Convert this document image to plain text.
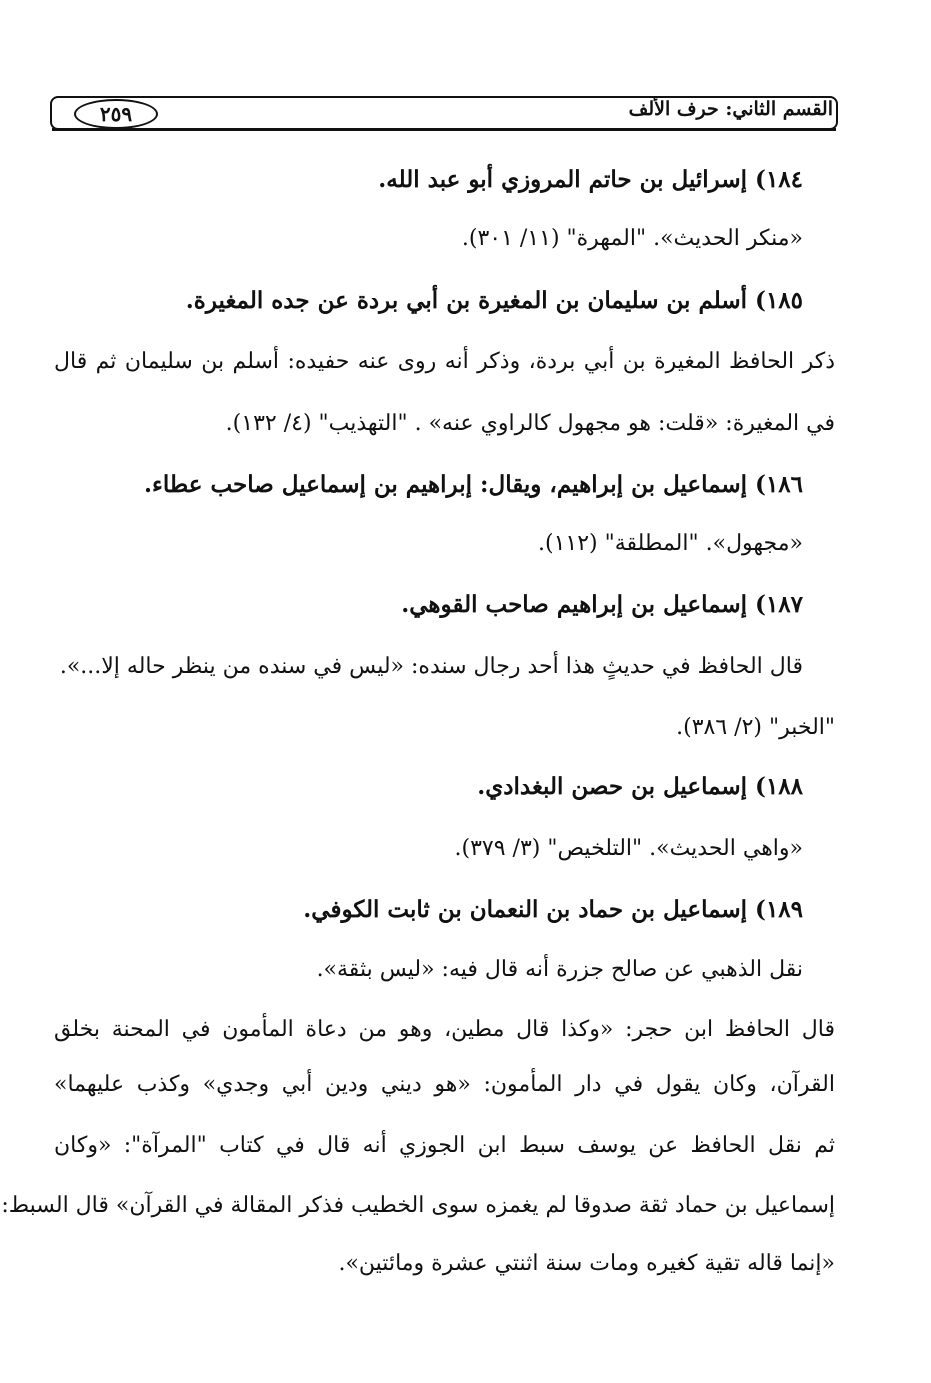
القسم الثاني: حرف الألف
٢٥٩
١٨٤) إسرائيل بن حاتم المروزي أبو عبد الله.
«منكر الحديث». "المهرة" (١١/ ٣٠١).
١٨٥) أسلم بن سليمان بن المغيرة بن أبي بردة عن جده المغيرة.
ذكر الحافظ المغيرة بن أبي بردة، وذكر أنه روى عنه حفيده: أسلم بن سليمان ثم قال
في المغيرة: «قلت: هو مجهول كالراوي عنه» . "التهذيب" (٤/ ١٣٢).
١٨٦) إسماعيل بن إبراهيم، ويقال: إبراهيم بن إسماعيل صاحب عطاء.
«مجهول». "المطلقة" (١١٢).
١٨٧) إسماعيل بن إبراهيم صاحب القوهي.
قال الحافظ في حديثٍ هذا أحد رجال سنده: «ليس في سنده من ينظر حاله إلا...».
"الخبر" (٢/ ٣٨٦).
١٨٨) إسماعيل بن حصن البغدادي.
«واهي الحديث». "التلخيص" (٣/ ٣٧٩).
١٨٩) إسماعيل بن حماد بن النعمان بن ثابت الكوفي.
نقل الذهبي عن صالح جزرة أنه قال فيه: «ليس بثقة».
قال الحافظ ابن حجر: «وكذا قال مطين، وهو من دعاة المأمون في المحنة بخلق
القرآن، وكان يقول في دار المأمون: «هو ديني ودين أبي وجدي» وكذب عليهما»
ثم نقل الحافظ عن يوسف سبط ابن الجوزي أنه قال في كتاب "المرآة": «وكان
إسماعيل بن حماد ثقة صدوقا لم يغمزه سوى الخطيب فذكر المقالة في القرآن» قال السبط:
«إنما قاله تقية كغيره ومات سنة اثنتي عشرة ومائتين».
